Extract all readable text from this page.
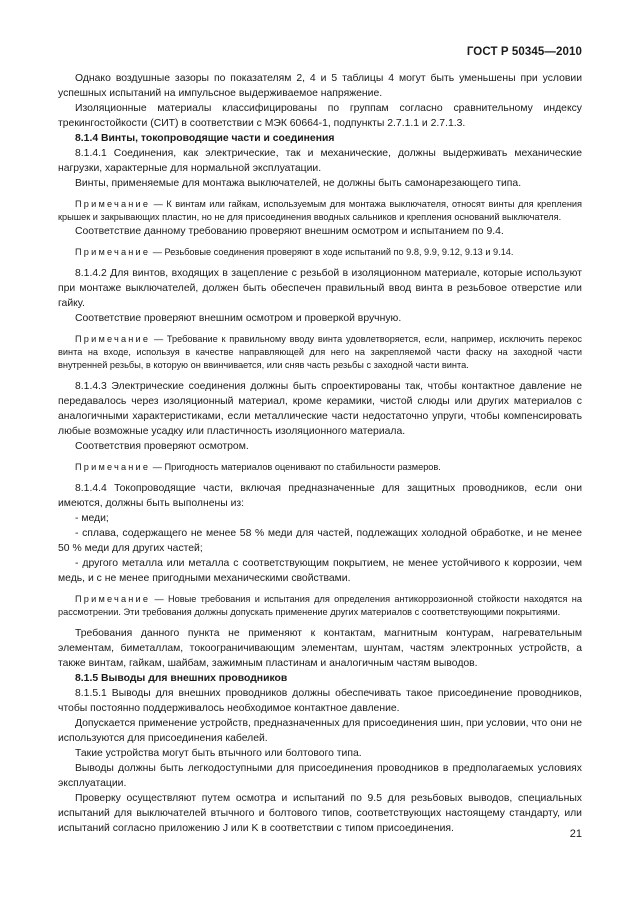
ГОСТ Р 50345—2010

Однако воздушные зазоры по показателям 2, 4 и 5 таблицы 4 могут быть уменьшены при условии успешных испытаний на импульсное выдерживаемое напряжение.

Изоляционные материалы классифицированы по группам согласно сравнительному индексу трекингостойкости (СИТ) в соответствии с МЭК 60664-1, подпункты 2.7.1.1 и 2.7.1.3.

8.1.4 Винты, токопроводящие части и соединения

8.1.4.1 Соединения, как электрические, так и механические, должны выдерживать механические нагрузки, характерные для нормальной эксплуатации.

Винты, применяемые для монтажа выключателей, не должны быть самонарезающего типа.

Примечание — К винтам или гайкам, используемым для монтажа выключателя, относят винты для крепления крышек и закрывающих пластин, но не для присоединения вводных сальников и крепления оснований выключателя.

Соответствие данному требованию проверяют внешним осмотром и испытанием по 9.4.

Примечание — Резьбовые соединения проверяют в ходе испытаний по 9.8, 9.9, 9.12, 9.13 и 9.14.

8.1.4.2 Для винтов, входящих в зацепление с резьбой в изоляционном материале, которые используют при монтаже выключателей, должен быть обеспечен правильный ввод винта в резьбовое отверстие или гайку.

Соответствие проверяют внешним осмотром и проверкой вручную.

Примечание — Требование к правильному вводу винта удовлетворяется, если, например, исключить перекос винта на входе, используя в качестве направляющей для него на закрепляемой части фаску на заходной части внутренней резьбы, в которую он ввинчивается, или сняв часть резьбы с заходной части винта.

8.1.4.3 Электрические соединения должны быть спроектированы так, чтобы контактное давление не передавалось через изоляционный материал, кроме керамики, чистой слюды или других материалов с аналогичными характеристиками, если металлические части недостаточно упруги, чтобы компенсировать любые возможные усадку или пластичность изоляционного материала.

Соответствия проверяют осмотром.

Примечание — Пригодность материалов оценивают по стабильности размеров.

8.1.4.4 Токопроводящие части, включая предназначенные для защитных проводников, если они имеются, должны быть выполнены из:

- меди;

- сплава, содержащего не менее 58 % меди для частей, подлежащих холодной обработке, и не менее 50 % меди для других частей;

- другого металла или металла с соответствующим покрытием, не менее устойчивого к коррозии, чем медь, и с не менее пригодными механическими свойствами.

Примечание — Новые требования и испытания для определения антикоррозионной стойкости находятся на рассмотрении. Эти требования должны допускать применение других материалов с соответствующими покрытиями.

Требования данного пункта не применяют к контактам, магнитным контурам, нагревательным элементам, биметаллам, токоограничивающим элементам, шунтам, частям электронных устройств, а также винтам, гайкам, шайбам, зажимным пластинам и аналогичным частям выводов.

8.1.5 Выводы для внешних проводников

8.1.5.1 Выводы для внешних проводников должны обеспечивать такое присоединение проводников, чтобы постоянно поддерживалось необходимое контактное давление.

Допускается применение устройств, предназначенных для присоединения шин, при условии, что они не используются для присоединения кабелей.

Такие устройства могут быть втычного или болтового типа.

Выводы должны быть легкодоступными для присоединения проводников в предполагаемых условиях эксплуатации.

Проверку осуществляют путем осмотра и испытаний по 9.5 для резьбовых выводов, специальных испытаний для выключателей втычного и болтового типов, соответствующих настоящему стандарту, или испытаний согласно приложению J или K в соответствии с типом присоединения.	21
